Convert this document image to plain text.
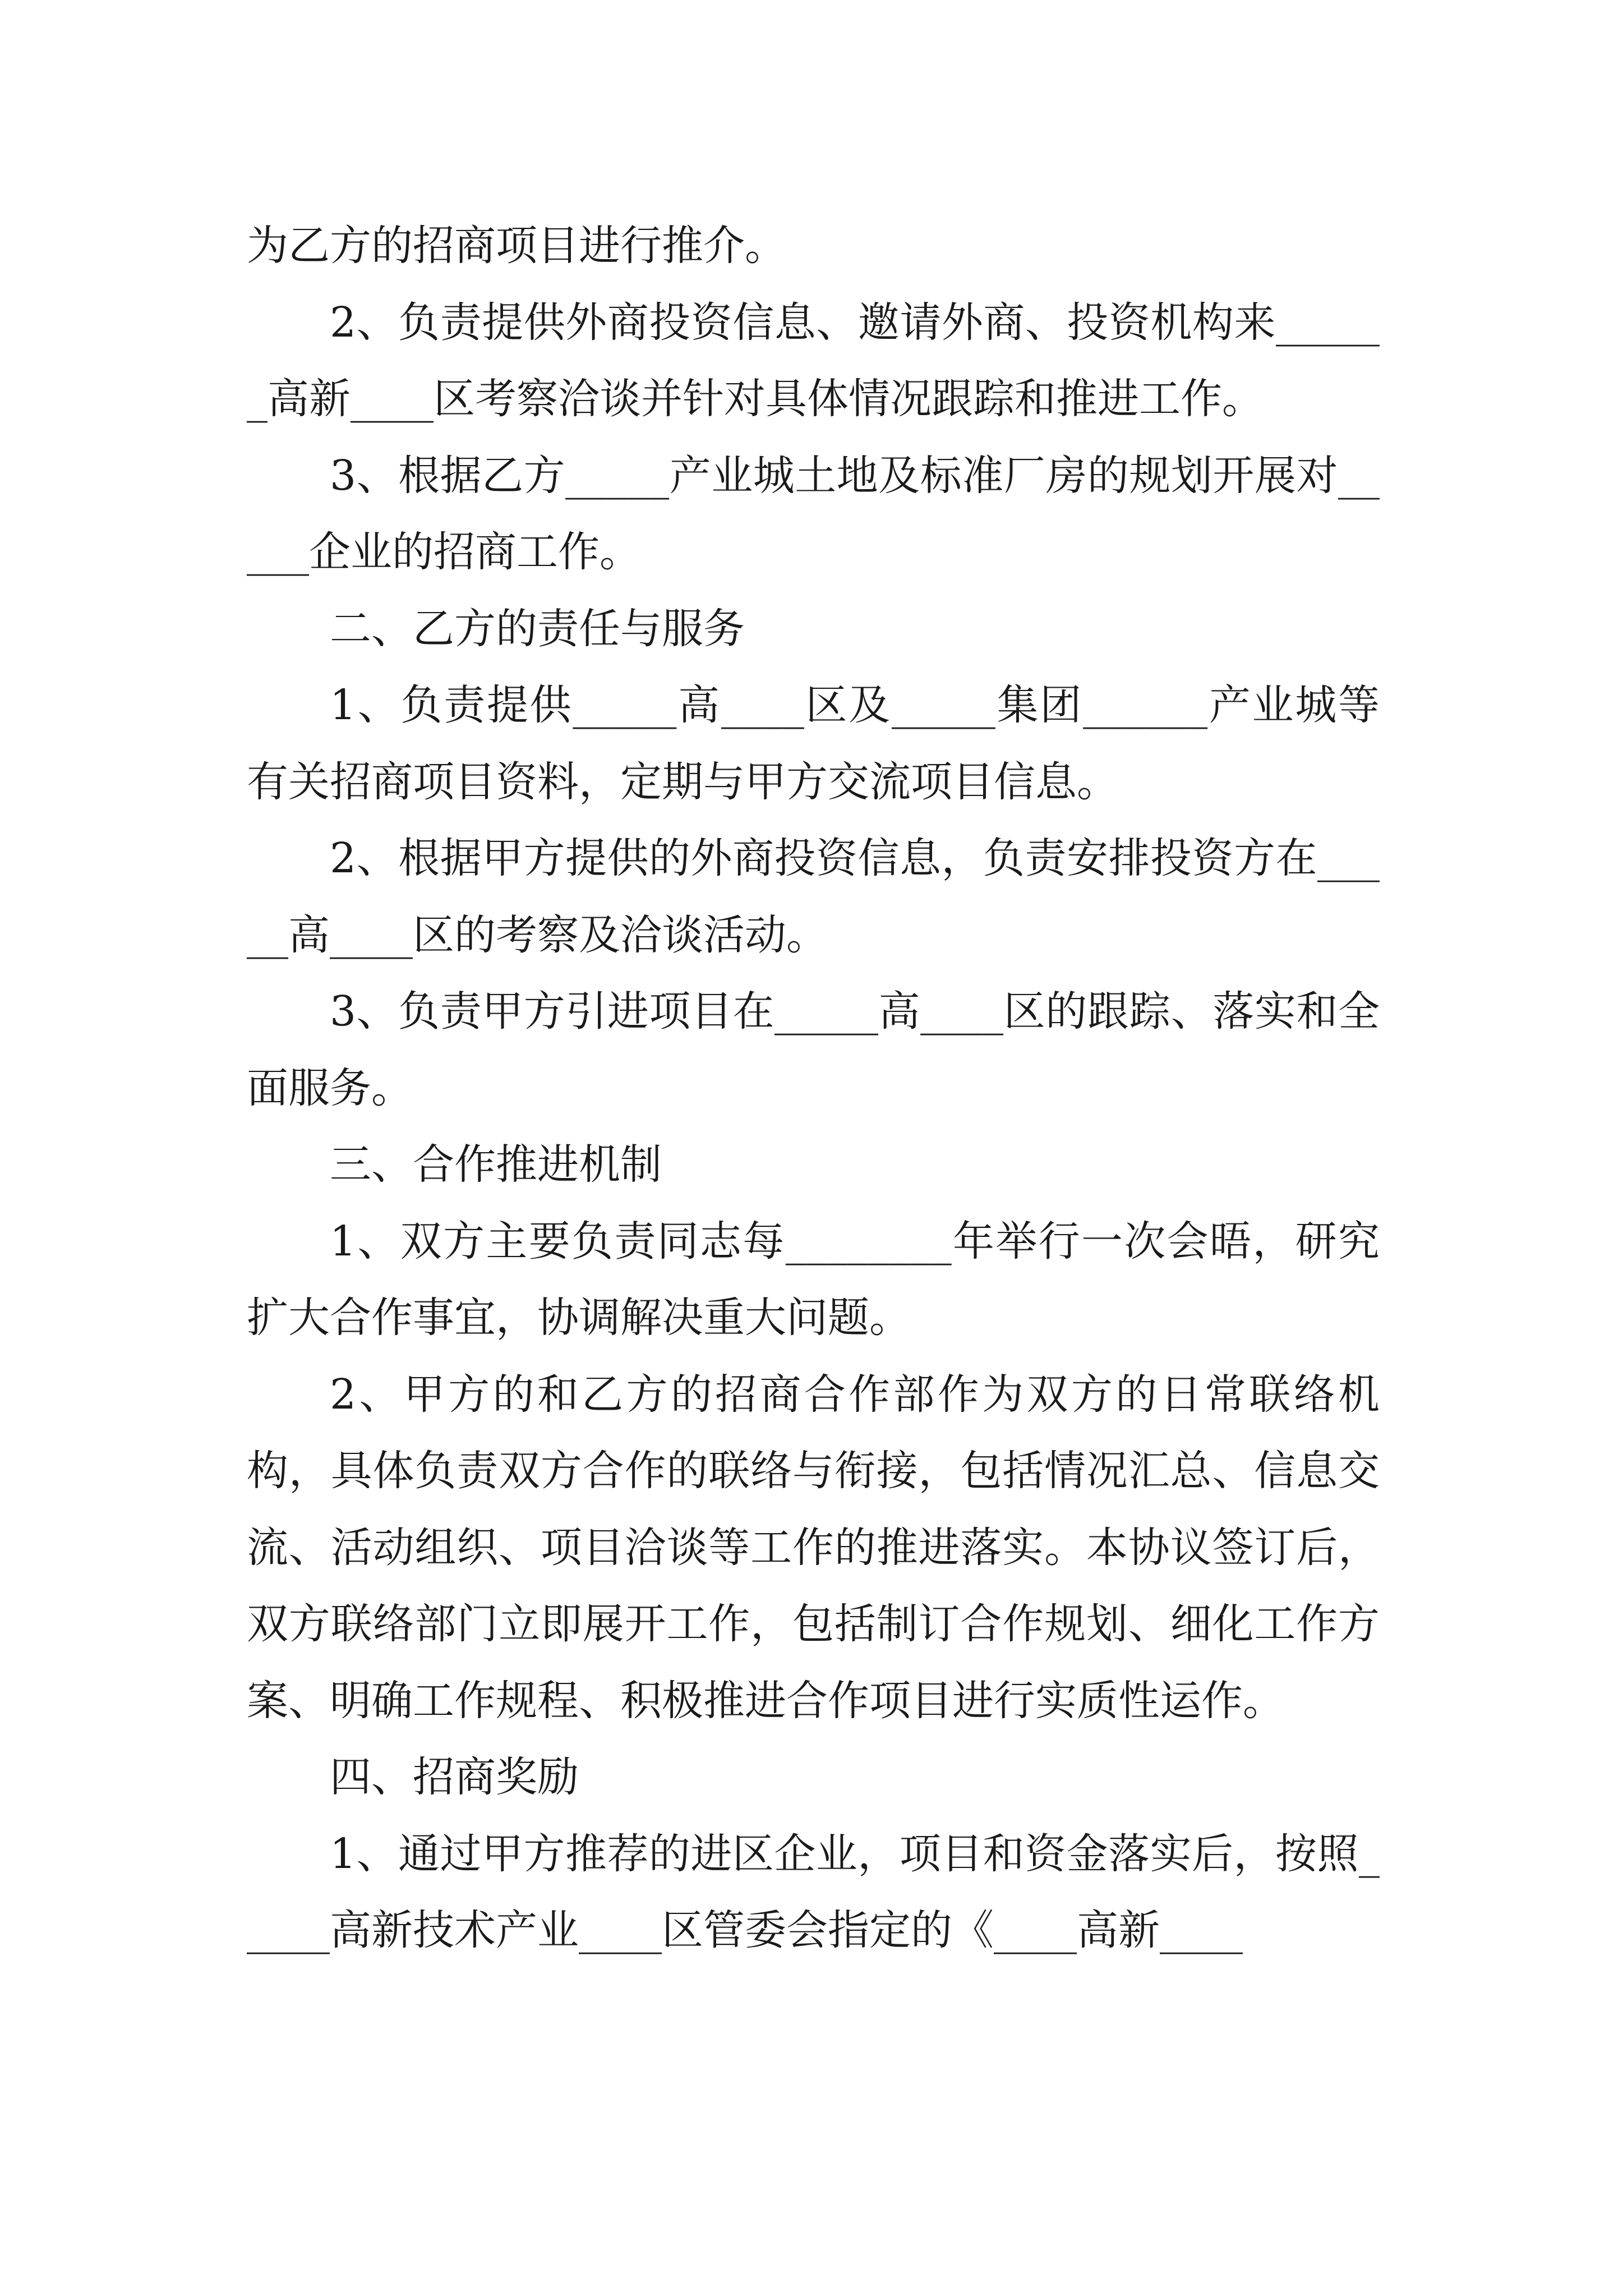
为乙方的招商项目进行推介。

2、负责提供外商投资信息、邀请外商、投资机构来______高新____区考察洽谈并针对具体情况跟踪和推进工作。

3、根据乙方_____产业城土地及标准厂房的规划开展对_____企业的招商工作。

二、乙方的责任与服务

1、负责提供_____高____区及_____集团______产业城等有关招商项目资料，定期与甲方交流项目信息。

2、根据甲方提供的外商投资信息，负责安排投资方在_____高____区的考察及洽谈活动。

3、负责甲方引进项目在_____高____区的跟踪、落实和全面服务。

三、合作推进机制

1、双方主要负责同志每________年举行一次会晤，研究扩大合作事宜，协调解决重大问题。

2、甲方的和乙方的招商合作部作为双方的日常联络机构，具体负责双方合作的联络与衔接，包括情况汇总、信息交流、活动组织、项目洽谈等工作的推进落实。本协议签订后，双方联络部门立即展开工作，包括制订合作规划、细化工作方案、明确工作规程、积极推进合作项目进行实质性运作。

四、招商奖励

1、通过甲方推荐的进区企业，项目和资金落实后，按照_____高新技术产业____区管委会指定的《____高新____
